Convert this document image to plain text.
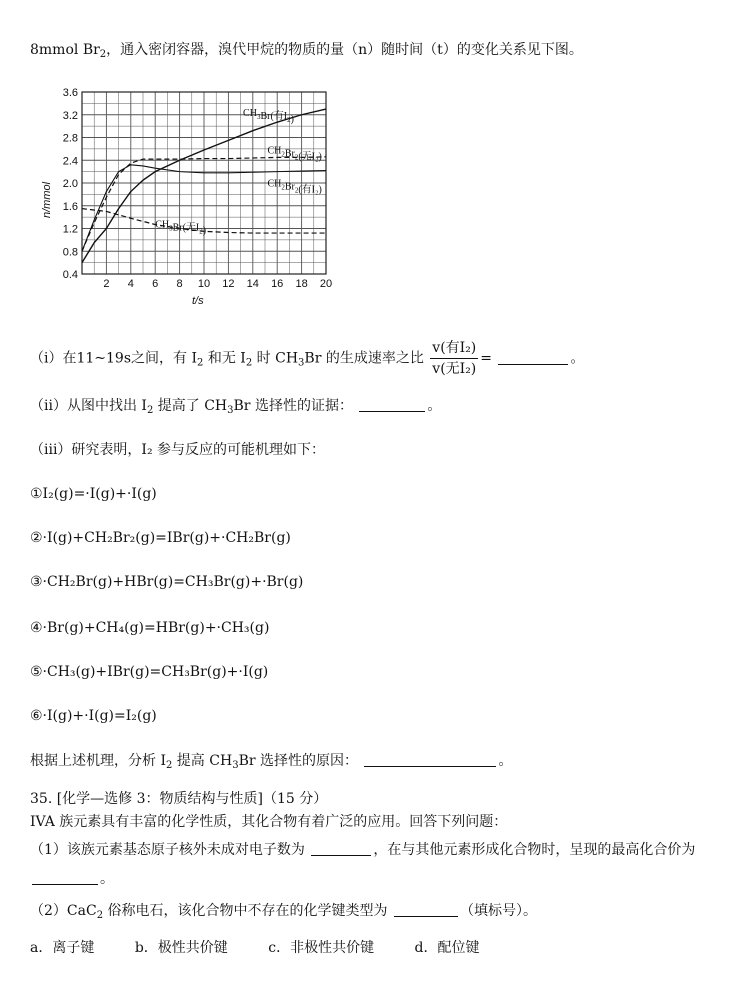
8mmol $Br_2$，通入密闭容器，溴代甲烷的物质的量（n）随时间（t）的变化关系见下图。
2 4 6 8 10 12 14 16 18 20
0.4
0.8
1.2
1.6
2.0
2.4
2.8
3.2
3.6
$CH_3Br$(有$I_2$)
$CH_2Br_2$(无I₂)
$CH_2Br_2$(有I₂)
$CH_3Br$(无$I_2$)
t/s
n/mmol
（i）在11~19s之间，有 $I_2$ 和无 $I_2$ 时 $CH_3Br$ 的生成速率之比 $\frac{\text{v(有I₂)}}{\text{v(无I₂)}}$ =	。
（ii）从图中找出 $I_2$ 提高了 $CH_3Br$ 选择性的证据：	。
（iii）研究表明，I₂ 参与反应的可能机理如下：
①I₂(g)=·I(g)+·I(g)
②·I(g)+CH₂Br₂(g)=IBr(g)+·CH₂Br(g)
③·CH₂Br(g)+HBr(g)=CH₃Br(g)+·Br(g)
④·Br(g)+CH₄(g)=HBr(g)+·CH₃(g)
⑤·CH₃(g)+IBr(g)=CH₃Br(g)+·I(g)
⑥·I(g)+·I(g)=I₂(g)
根据上述机理，分析 $I_2$ 提高 $CH_3Br$ 选择性的原因：	。
35. [化学—选修 3：物质结构与性质]（15 分）
IVA 族元素具有丰富的化学性质，其化合物有着广泛的应用。回答下列问题：
（1）该族元素基态原子核外未成对电子数为	，在与其他元素形成化合物时，呈现的最高化合价为
。
（2）CaC$_2$ 俗称电石，该化合物中不存在的化学键类型为	（填标号）。
a．离子键	b．极性共价键	c．非极性共价键	d．配位键
